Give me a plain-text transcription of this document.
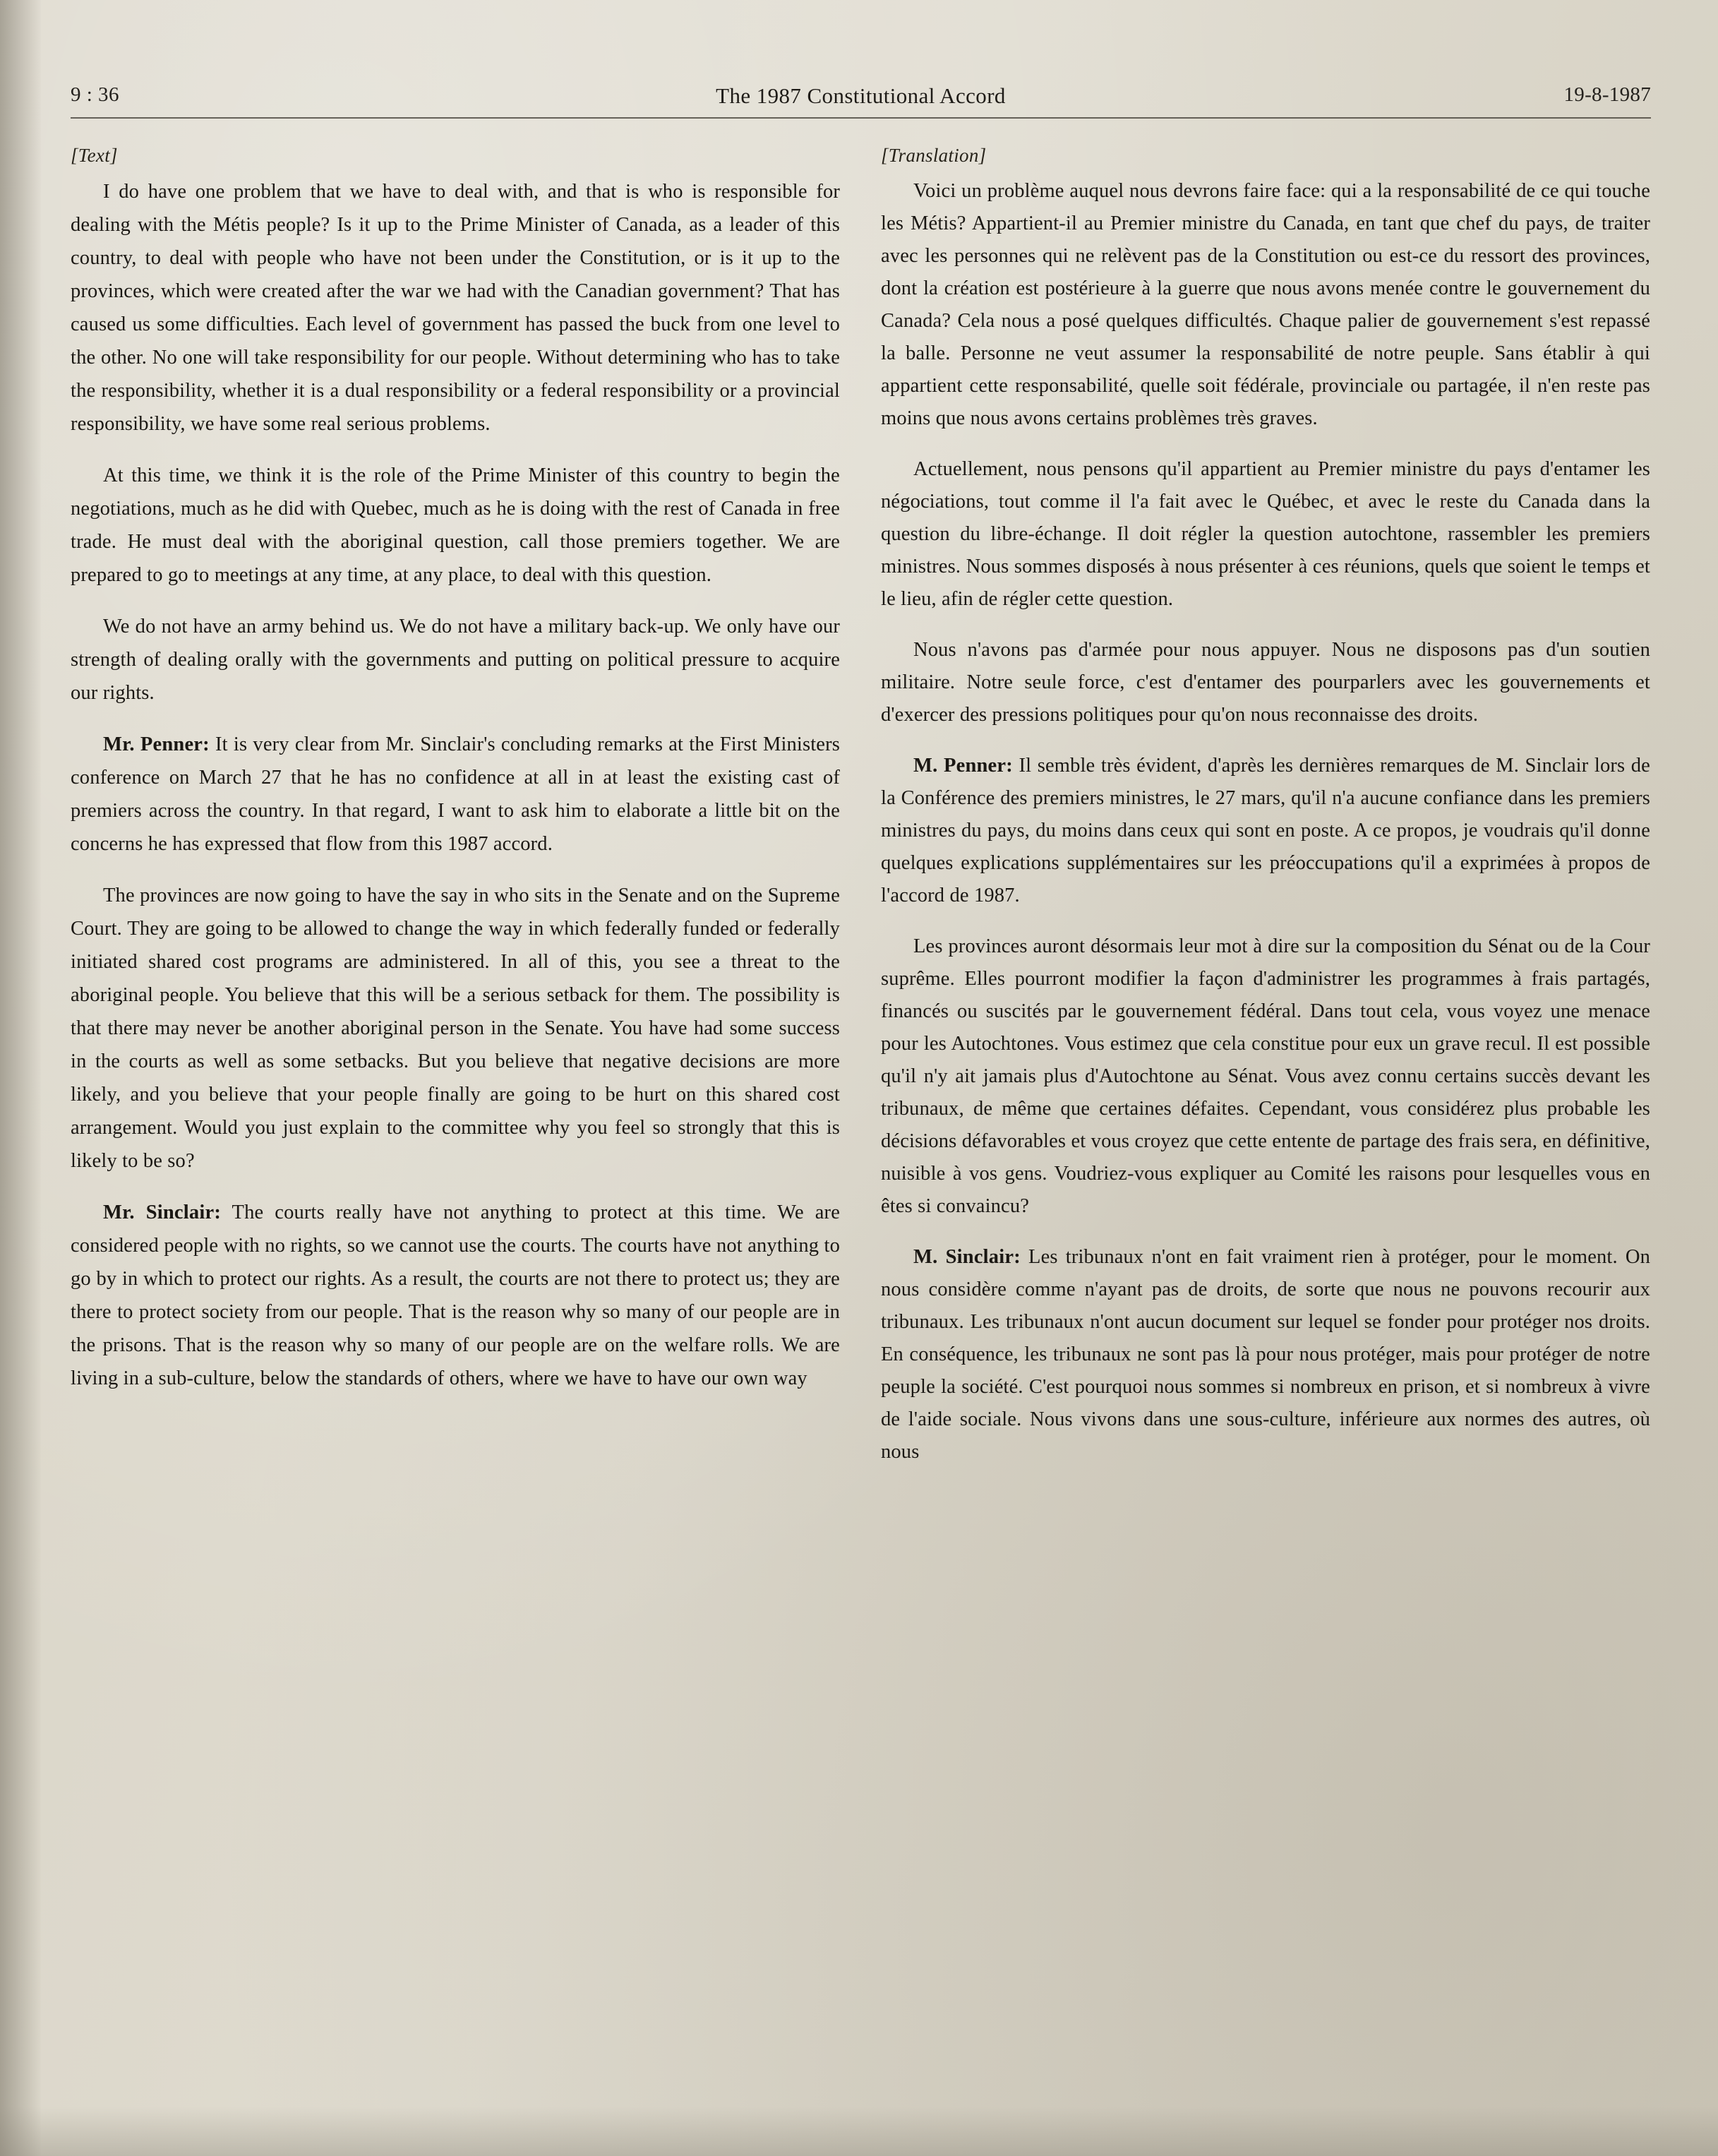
9 : 36	The 1987 Constitutional Accord	19-8-1987
[Text]

I do have one problem that we have to deal with, and that is who is responsible for dealing with the Métis people? Is it up to the Prime Minister of Canada, as a leader of this country, to deal with people who have not been under the Constitution, or is it up to the provinces, which were created after the war we had with the Canadian government? That has caused us some difficulties. Each level of government has passed the buck from one level to the other. No one will take responsibility for our people. Without determining who has to take the responsibility, whether it is a dual responsibility or a federal responsibility or a provincial responsibility, we have some real serious problems.

At this time, we think it is the role of the Prime Minister of this country to begin the negotiations, much as he did with Quebec, much as he is doing with the rest of Canada in free trade. He must deal with the aboriginal question, call those premiers together. We are prepared to go to meetings at any time, at any place, to deal with this question.

We do not have an army behind us. We do not have a military back-up. We only have our strength of dealing orally with the governments and putting on political pressure to acquire our rights.

Mr. Penner: It is very clear from Mr. Sinclair's concluding remarks at the First Ministers conference on March 27 that he has no confidence at all in at least the existing cast of premiers across the country. In that regard, I want to ask him to elaborate a little bit on the concerns he has expressed that flow from this 1987 accord.

The provinces are now going to have the say in who sits in the Senate and on the Supreme Court. They are going to be allowed to change the way in which federally funded or federally initiated shared cost programs are administered. In all of this, you see a threat to the aboriginal people. You believe that this will be a serious setback for them. The possibility is that there may never be another aboriginal person in the Senate. You have had some success in the courts as well as some setbacks. But you believe that negative decisions are more likely, and you believe that your people finally are going to be hurt on this shared cost arrangement. Would you just explain to the committee why you feel so strongly that this is likely to be so?

Mr. Sinclair: The courts really have not anything to protect at this time. We are considered people with no rights, so we cannot use the courts. The courts have not anything to go by in which to protect our rights. As a result, the courts are not there to protect us; they are there to protect society from our people. That is the reason why so many of our people are in the prisons. That is the reason why so many of our people are on the welfare rolls. We are living in a sub-culture, below the standards of others, where we have to have our own way

[Translation]

Voici un problème auquel nous devrons faire face: qui a la responsabilité de ce qui touche les Métis? Appartient-il au Premier ministre du Canada, en tant que chef du pays, de traiter avec les personnes qui ne relèvent pas de la Constitution ou est-ce du ressort des provinces, dont la création est postérieure à la guerre que nous avons menée contre le gouvernement du Canada? Cela nous a posé quelques difficultés. Chaque palier de gouvernement s'est repassé la balle. Personne ne veut assumer la responsabilité de notre peuple. Sans établir à qui appartient cette responsabilité, quelle soit fédérale, provinciale ou partagée, il n'en reste pas moins que nous avons certains problèmes très graves.

Actuellement, nous pensons qu'il appartient au Premier ministre du pays d'entamer les négociations, tout comme il l'a fait avec le Québec, et avec le reste du Canada dans la question du libre-échange. Il doit régler la question autochtone, rassembler les premiers ministres. Nous sommes disposés à nous présenter à ces réunions, quels que soient le temps et le lieu, afin de régler cette question.

Nous n'avons pas d'armée pour nous appuyer. Nous ne disposons pas d'un soutien militaire. Notre seule force, c'est d'entamer des pourparlers avec les gouvernements et d'exercer des pressions politiques pour qu'on nous reconnaisse des droits.

M. Penner: Il semble très évident, d'après les dernières remarques de M. Sinclair lors de la Conférence des premiers ministres, le 27 mars, qu'il n'a aucune confiance dans les premiers ministres du pays, du moins dans ceux qui sont en poste. A ce propos, je voudrais qu'il donne quelques explications supplémentaires sur les préoccupations qu'il a exprimées à propos de l'accord de 1987.

Les provinces auront désormais leur mot à dire sur la composition du Sénat ou de la Cour suprême. Elles pourront modifier la façon d'administrer les programmes à frais partagés, financés ou suscités par le gouvernement fédéral. Dans tout cela, vous voyez une menace pour les Autochtones. Vous estimez que cela constitue pour eux un grave recul. Il est possible qu'il n'y ait jamais plus d'Autochtone au Sénat. Vous avez connu certains succès devant les tribunaux, de même que certaines défaites. Cependant, vous considérez plus probable les décisions défavorables et vous croyez que cette entente de partage des frais sera, en définitive, nuisible à vos gens. Voudriez-vous expliquer au Comité les raisons pour lesquelles vous en êtes si convaincu?

M. Sinclair: Les tribunaux n'ont en fait vraiment rien à protéger, pour le moment. On nous considère comme n'ayant pas de droits, de sorte que nous ne pouvons recourir aux tribunaux. Les tribunaux n'ont aucun document sur lequel se fonder pour protéger nos droits. En conséquence, les tribunaux ne sont pas là pour nous protéger, mais pour protéger de notre peuple la société. C'est pourquoi nous sommes si nombreux en prison, et si nombreux à vivre de l'aide sociale. Nous vivons dans une sous-culture, inférieure aux normes des autres, où nous
